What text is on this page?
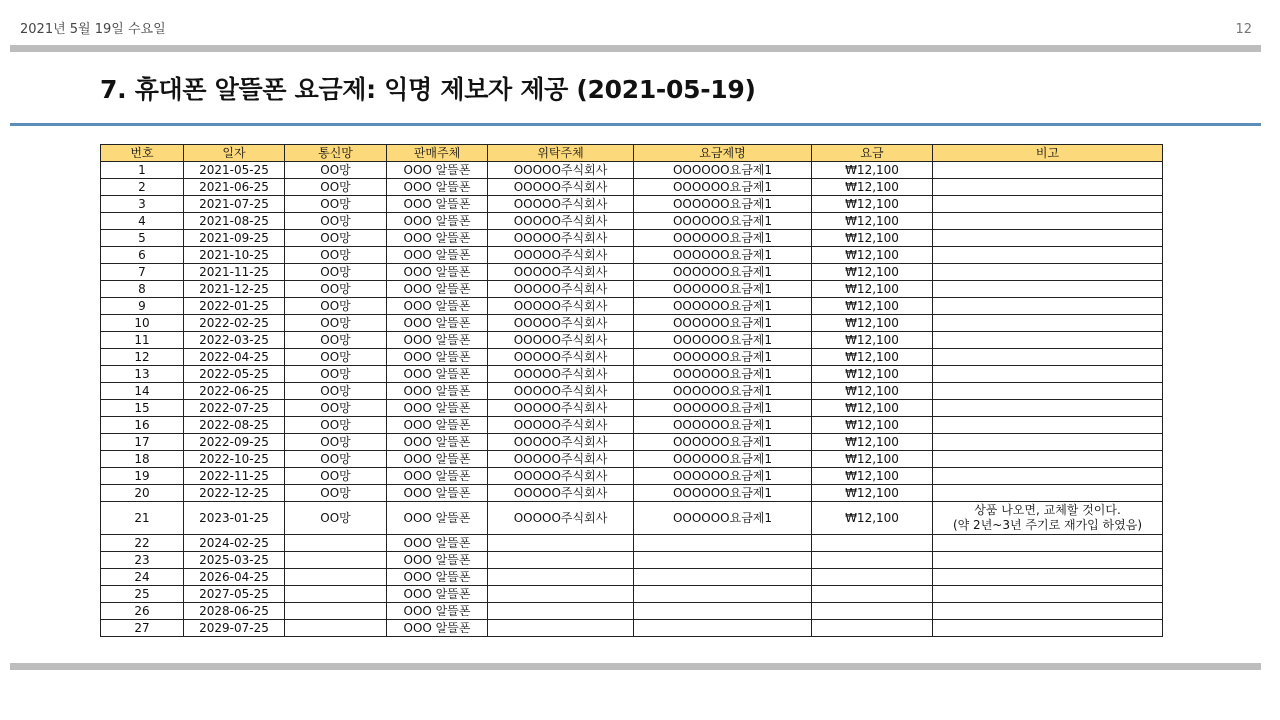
2021년 5월 19일 수요일	12
7. 휴대폰 알뜰폰 요금제: 익명 제보자 제공 (2021-05-19)
번호	일자	통신망	판매주체	위탁주체	요금제명	요금	비고
1	2021-05-25	OO망	OOO 알뜰폰	OOOOO주식회사	OOOOOO요금제1	₩12,100	
2	2021-06-25	OO망	OOO 알뜰폰	OOOOO주식회사	OOOOOO요금제1	₩12,100	
3	2021-07-25	OO망	OOO 알뜰폰	OOOOO주식회사	OOOOOO요금제1	₩12,100	
4	2021-08-25	OO망	OOO 알뜰폰	OOOOO주식회사	OOOOOO요금제1	₩12,100	
5	2021-09-25	OO망	OOO 알뜰폰	OOOOO주식회사	OOOOOO요금제1	₩12,100	
6	2021-10-25	OO망	OOO 알뜰폰	OOOOO주식회사	OOOOOO요금제1	₩12,100	
7	2021-11-25	OO망	OOO 알뜰폰	OOOOO주식회사	OOOOOO요금제1	₩12,100	
8	2021-12-25	OO망	OOO 알뜰폰	OOOOO주식회사	OOOOOO요금제1	₩12,100	
9	2022-01-25	OO망	OOO 알뜰폰	OOOOO주식회사	OOOOOO요금제1	₩12,100	
10	2022-02-25	OO망	OOO 알뜰폰	OOOOO주식회사	OOOOOO요금제1	₩12,100	
11	2022-03-25	OO망	OOO 알뜰폰	OOOOO주식회사	OOOOOO요금제1	₩12,100	
12	2022-04-25	OO망	OOO 알뜰폰	OOOOO주식회사	OOOOOO요금제1	₩12,100	
13	2022-05-25	OO망	OOO 알뜰폰	OOOOO주식회사	OOOOOO요금제1	₩12,100	
14	2022-06-25	OO망	OOO 알뜰폰	OOOOO주식회사	OOOOOO요금제1	₩12,100	
15	2022-07-25	OO망	OOO 알뜰폰	OOOOO주식회사	OOOOOO요금제1	₩12,100	
16	2022-08-25	OO망	OOO 알뜰폰	OOOOO주식회사	OOOOOO요금제1	₩12,100	
17	2022-09-25	OO망	OOO 알뜰폰	OOOOO주식회사	OOOOOO요금제1	₩12,100	
18	2022-10-25	OO망	OOO 알뜰폰	OOOOO주식회사	OOOOOO요금제1	₩12,100	
19	2022-11-25	OO망	OOO 알뜰폰	OOOOO주식회사	OOOOOO요금제1	₩12,100	
20	2022-12-25	OO망	OOO 알뜰폰	OOOOO주식회사	OOOOOO요금제1	₩12,100	
21	2023-01-25	OO망	OOO 알뜰폰	OOOOO주식회사	OOOOOO요금제1	₩12,100	상품 나오면, 교체할 것이다.
(약 2년~3년 주기로 재가입 하였음)
22	2024-02-25		OOO 알뜰폰				
23	2025-03-25		OOO 알뜰폰				
24	2026-04-25		OOO 알뜰폰				
25	2027-05-25		OOO 알뜰폰				
26	2028-06-25		OOO 알뜰폰				
27	2029-07-25		OOO 알뜰폰				
